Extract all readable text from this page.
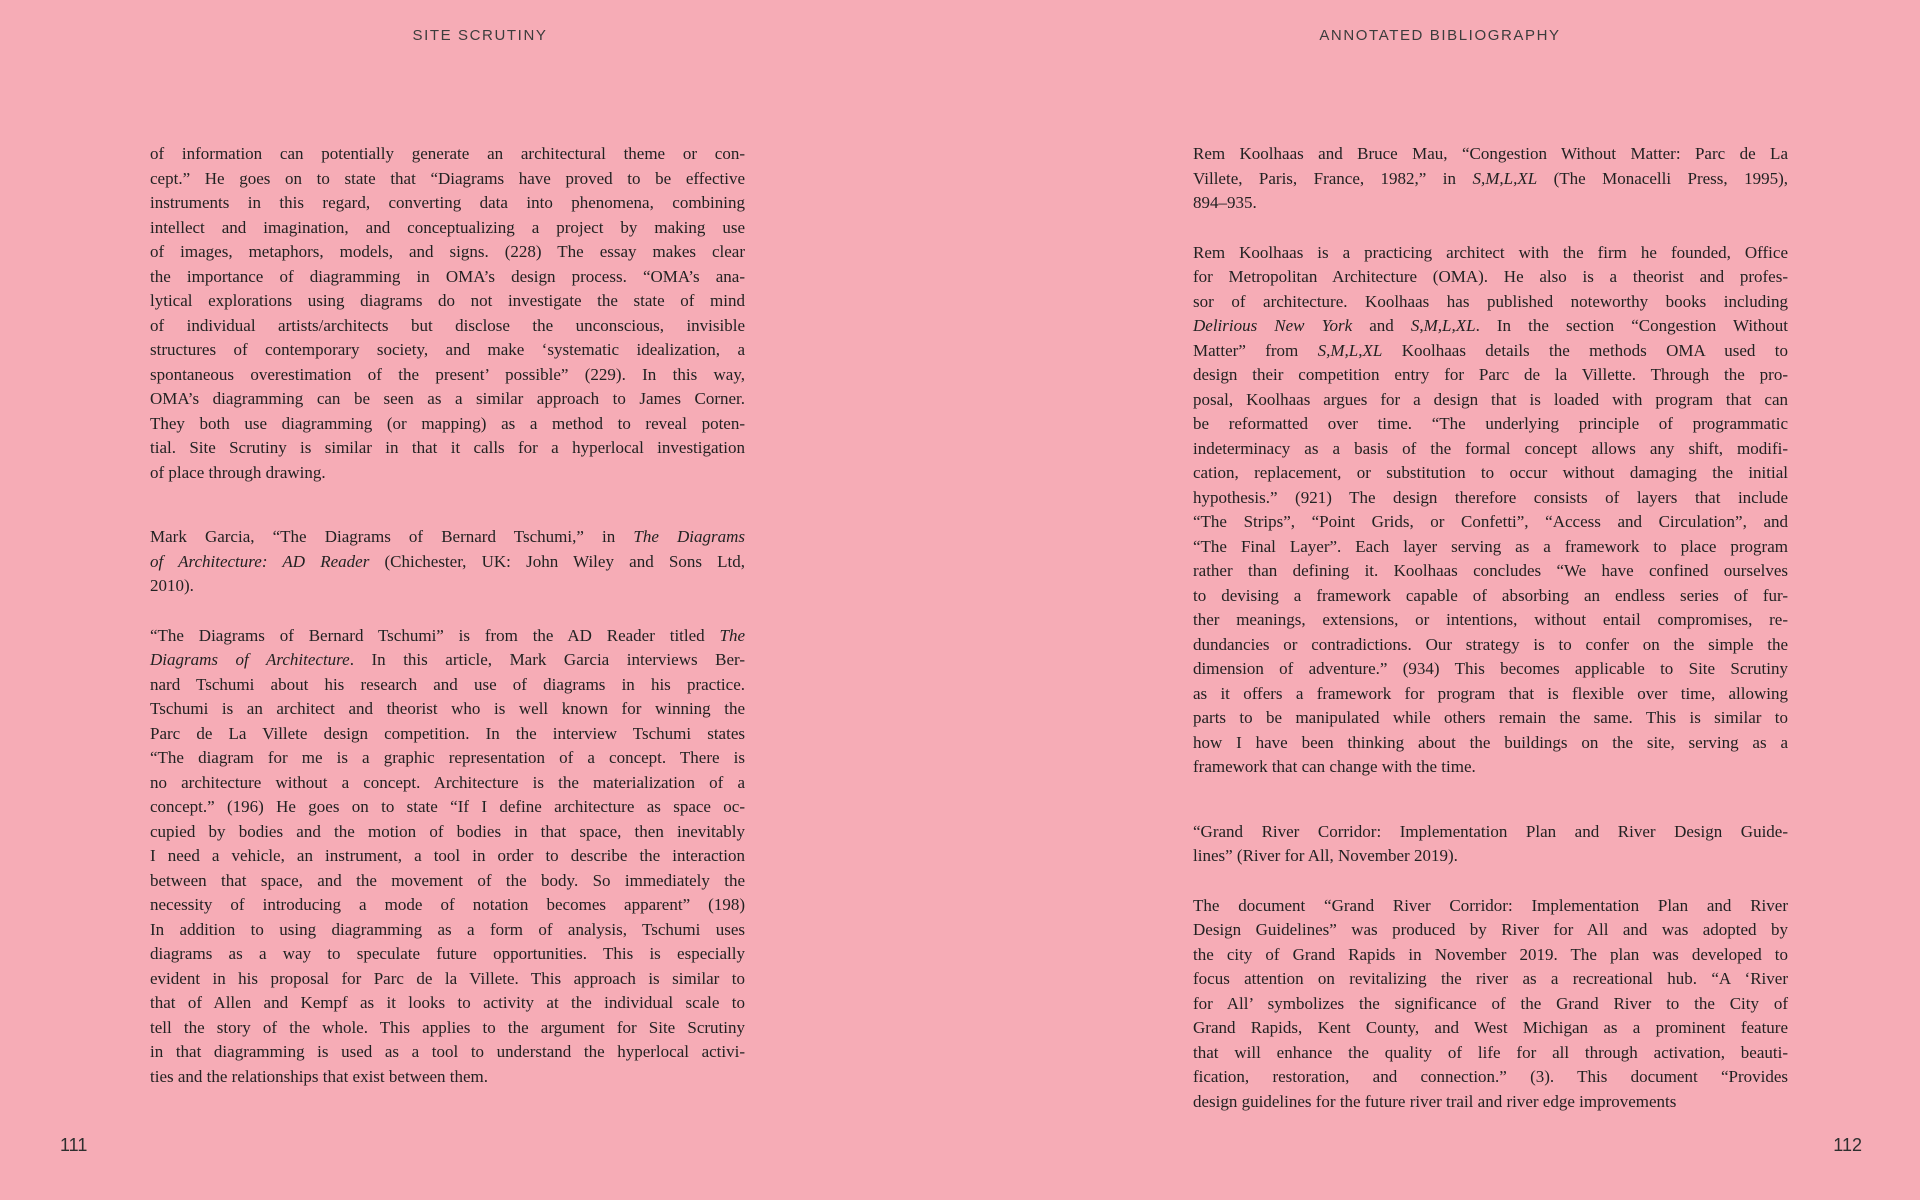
SITE SCRUTINY	ANNOTATED BIBLIOGRAPHY
of information can potentially generate an architectural theme or con-
cept.” He goes on to state that “Diagrams have proved to be effective
instruments in this regard, converting data into phenomena, combining
intellect and imagination, and conceptualizing a project by making use
of images, metaphors, models, and signs. (228) The essay makes clear
the importance of diagramming in OMA’s design process. “OMA’s ana-
lytical explorations using diagrams do not investigate the state of mind
of individual artists/architects but disclose the unconscious, invisible
structures of contemporary society, and make ‘systematic idealization, a
spontaneous overestimation of the present’ possible” (229). In this way,
OMA’s diagramming can be seen as a similar approach to James Corner.
They both use diagramming (or mapping) as a method to reveal poten-
tial. Site Scrutiny is similar in that it calls for a hyperlocal investigation
of place through drawing.
Mark Garcia, “The Diagrams of Bernard Tschumi,” in The Diagrams
of Architecture: AD Reader (Chichester, UK: John Wiley and Sons Ltd,
2010).
“The Diagrams of Bernard Tschumi” is from the AD Reader titled The
Diagrams of Architecture. In this article, Mark Garcia interviews Ber-
nard Tschumi about his research and use of diagrams in his practice.
Tschumi is an architect and theorist who is well known for winning the
Parc de La Villete design competition. In the interview Tschumi states
“The diagram for me is a graphic representation of a concept. There is
no architecture without a concept. Architecture is the materialization of a
concept.” (196) He goes on to state “If I define architecture as space oc-
cupied by bodies and the motion of bodies in that space, then inevitably
I need a vehicle, an instrument, a tool in order to describe the interaction
between that space, and the movement of the body. So immediately the
necessity of introducing a mode of notation becomes apparent” (198)
In addition to using diagramming as a form of analysis, Tschumi uses
diagrams as a way to speculate future opportunities. This is especially
evident in his proposal for Parc de la Villete. This approach is similar to
that of Allen and Kempf as it looks to activity at the individual scale to
tell the story of the whole. This applies to the argument for Site Scrutiny
in that diagramming is used as a tool to understand the hyperlocal activi-
ties and the relationships that exist between them.
Rem Koolhaas and Bruce Mau, “Congestion Without Matter: Parc de La
Villete, Paris, France, 1982,” in S,M,L,XL (The Monacelli Press, 1995),
894–935.
Rem Koolhaas is a practicing architect with the firm he founded, Office
for Metropolitan Architecture (OMA). He also is a theorist and profes-
sor of architecture. Koolhaas has published noteworthy books including
Delirious New York and S,M,L,XL. In the section “Congestion Without
Matter” from S,M,L,XL Koolhaas details the methods OMA used to
design their competition entry for Parc de la Villette. Through the pro-
posal, Koolhaas argues for a design that is loaded with program that can
be reformatted over time. “The underlying principle of programmatic
indeterminacy as a basis of the formal concept allows any shift, modifi-
cation, replacement, or substitution to occur without damaging the initial
hypothesis.” (921) The design therefore consists of layers that include
“The Strips”, “Point Grids, or Confetti”, “Access and Circulation”, and
“The Final Layer”. Each layer serving as a framework to place program
rather than defining it. Koolhaas concludes “We have confined ourselves
to devising a framework capable of absorbing an endless series of fur-
ther meanings, extensions, or intentions, without entail compromises, re-
dundancies or contradictions. Our strategy is to confer on the simple the
dimension of adventure.” (934) This becomes applicable to Site Scrutiny
as it offers a framework for program that is flexible over time, allowing
parts to be manipulated while others remain the same. This is similar to
how I have been thinking about the buildings on the site, serving as a
framework that can change with the time.
“Grand River Corridor: Implementation Plan and River Design Guide-
lines” (River for All, November 2019).
The document “Grand River Corridor: Implementation Plan and River
Design Guidelines” was produced by River for All and was adopted by
the city of Grand Rapids in November 2019. The plan was developed to
focus attention on revitalizing the river as a recreational hub. “A ‘River
for All’ symbolizes the significance of the Grand River to the City of
Grand Rapids, Kent County, and West Michigan as a prominent feature
that will enhance the quality of life for all through activation, beauti-
fication, restoration, and connection.” (3). This document “Provides
design guidelines for the future river trail and river edge improvements
111	112
